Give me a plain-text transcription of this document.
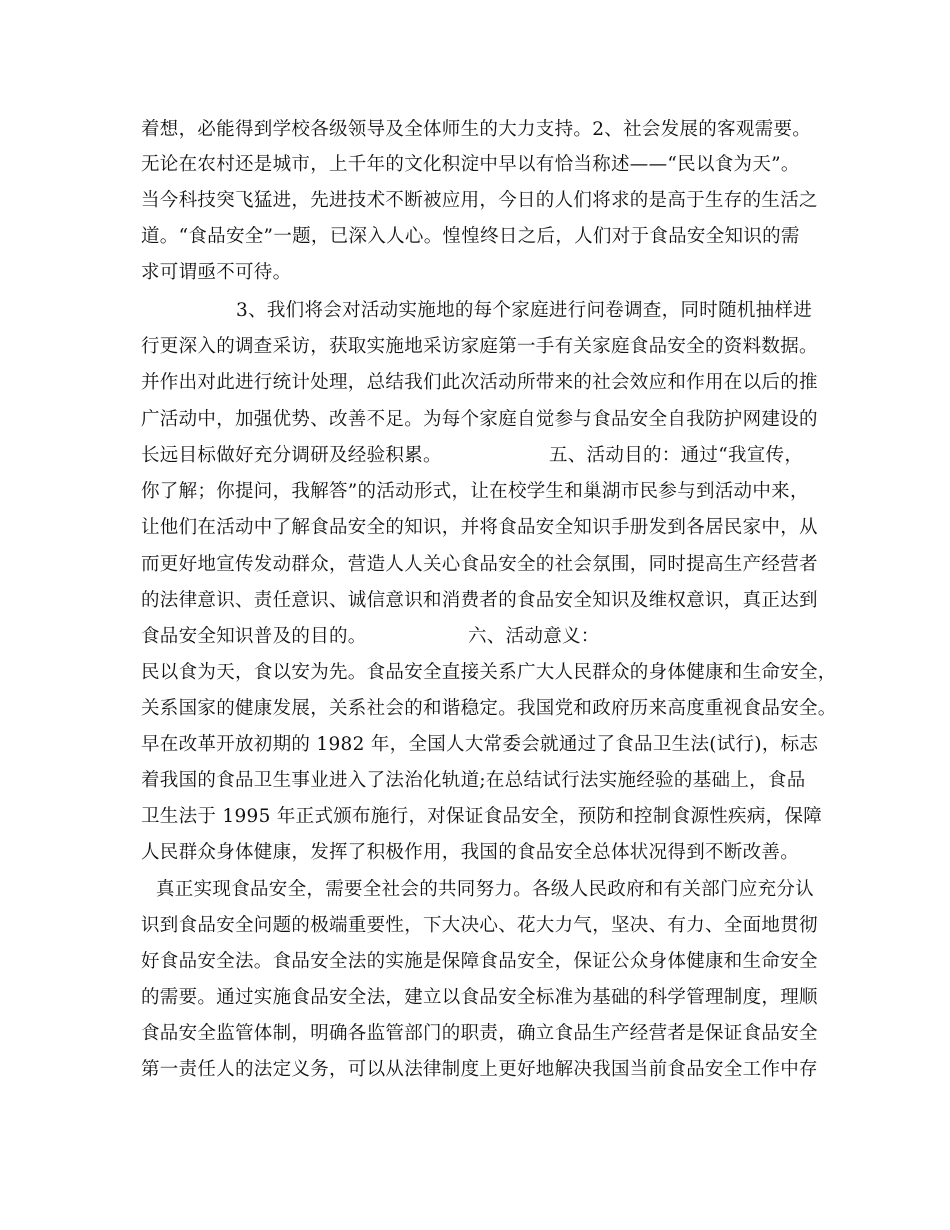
着想，必能得到学校各级领导及全体师生的大力支持。2、社会发展的客观需要。
无论在农村还是城市，上千年的文化积淀中早以有恰当称述——“民以食为天”。
当今科技突飞猛进，先进技术不断被应用，今日的人们将求的是高于生存的生活之
道。“食品安全”一题，已深入人心。惶惶终日之后，人们对于食品安全知识的需
求可谓亟不可待。
3、我们将会对活动实施地的每个家庭进行问卷调查，同时随机抽样进
行更深入的调查采访，获取实施地采访家庭第一手有关家庭食品安全的资料数据。
并作出对此进行统计处理，总结我们此次活动所带来的社会效应和作用在以后的推
广活动中，加强优势、改善不足。为每个家庭自觉参与食品安全自我防护网建设的
长远目标做好充分调研及经验积累。	五、活动目的：通过“我宣传，
你了解；你提问，我解答”的活动形式，让在校学生和巢湖市民参与到活动中来，
让他们在活动中了解食品安全的知识，并将食品安全知识手册发到各居民家中，从
而更好地宣传发动群众，营造人人关心食品安全的社会氛围，同时提高生产经营者
的法律意识、责任意识、诚信意识和消费者的食品安全知识及维权意识，真正达到
食品安全知识普及的目的。	六、活动意义：
民以食为天，食以安为先。食品安全直接关系广大人民群众的身体健康和生命安全，
关系国家的健康发展，关系社会的和谐稳定。我国党和政府历来高度重视食品安全。
早在改革开放初期的 1982 年，全国人大常委会就通过了食品卫生法(试行)，标志
着我国的食品卫生事业进入了法治化轨道;在总结试行法实施经验的基础上，食品
卫生法于 1995 年正式颁布施行，对保证食品安全，预防和控制食源性疾病，保障
人民群众身体健康，发挥了积极作用，我国的食品安全总体状况得到不断改善。
真正实现食品安全，需要全社会的共同努力。各级人民政府和有关部门应充分认
识到食品安全问题的极端重要性，下大决心、花大力气，坚决、有力、全面地贯彻
好食品安全法。食品安全法的实施是保障食品安全，保证公众身体健康和生命安全
的需要。通过实施食品安全法，建立以食品安全标准为基础的科学管理制度，理顺
食品安全监管体制，明确各监管部门的职责，确立食品生产经营者是保证食品安全
第一责任人的法定义务，可以从法律制度上更好地解决我国当前食品安全工作中存
